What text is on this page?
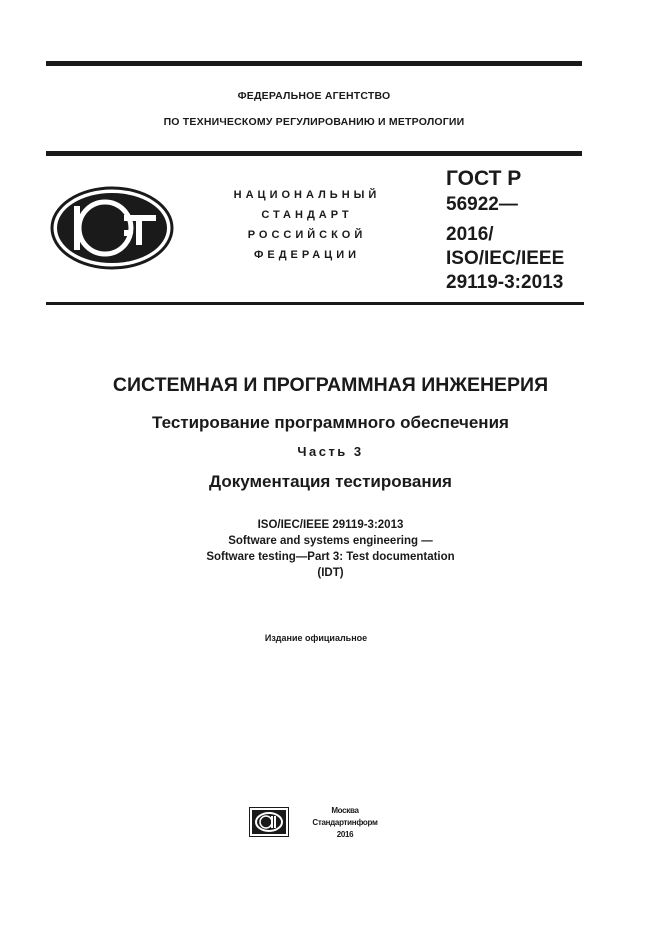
ФЕДЕРАЛЬНОЕ АГЕНТСТВО
ПО ТЕХНИЧЕСКОМУ РЕГУЛИРОВАНИЮ И МЕТРОЛОГИИ
НАЦИОНАЛЬНЫЙ
СТАНДАРТ
РОССИЙСКОЙ
ФЕДЕРАЦИИ
ГОСТ Р
56922—
2016/
ISO/IEC/IEEE
29119-3:2013
СИСТЕМНАЯ И ПРОГРАММНАЯ ИНЖЕНЕРИЯ
Тестирование программного обеспечения
Часть 3
Документация тестирования
ISO/IEC/IEEE 29119-3:2013
Software and systems engineering —
Software testing—Part 3: Test documentation
(IDT)
Издание официальное
Москва
Стандартинформ
2016
